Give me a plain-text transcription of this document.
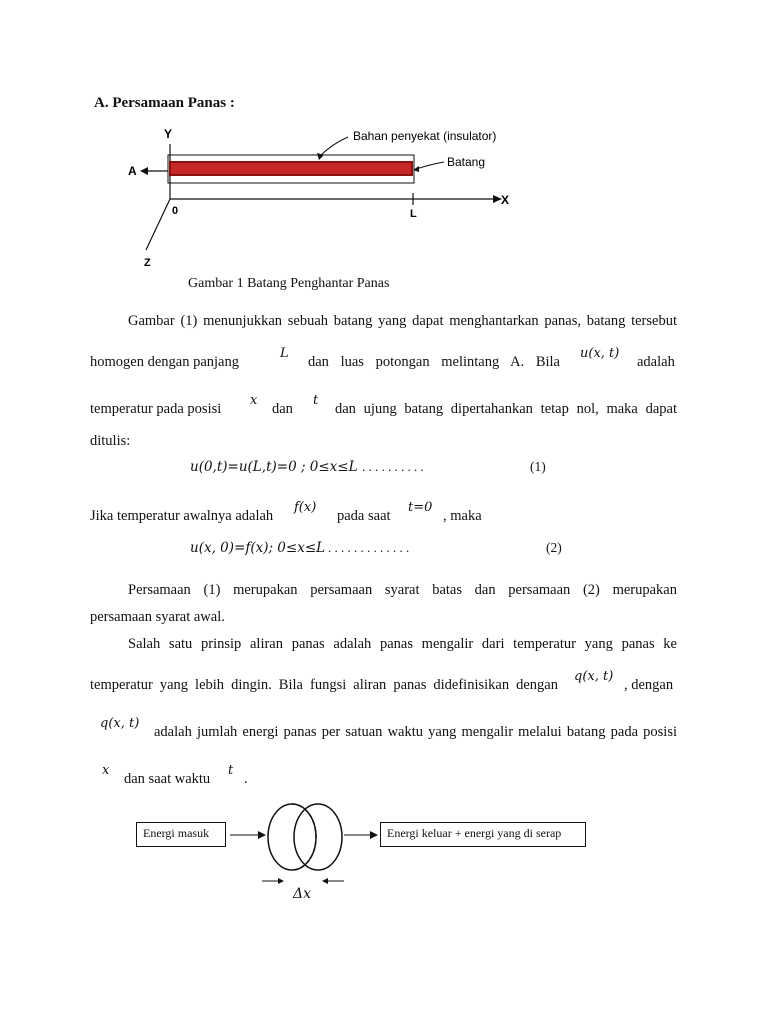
A. Persamaan Panas :
Y
X
Z
0	L
A
Bahan penyekat (insulator)
Batang
Gambar 1 Batang Penghantar Panas
Gambar (1) menunjukkan sebuah batang yang dapat menghantarkan panas, batang tersebut
homogen dengan panjang
L
dan luas potongan melintang A. Bila
u(x, t)
adalah
temperatur pada posisi
x
dan
t
dan ujung batang dipertahankan tetap nol, maka dapat
ditulis:
u(0,t)=u(L,t)=0 ; 0≤x≤L . . . . . . . . . .	(1)
Jika temperatur awalnya adalah
f(x)
pada saat
t=0
, maka
u(x, 0)=f(x); 0≤x≤L . . . . . . . . . . . . .	(2)
Persamaan (1) merupakan persamaan syarat batas dan persamaan (2) merupakan
persamaan syarat awal.
Salah satu prinsip aliran panas adalah panas mengalir dari temperatur yang panas ke
temperatur yang lebih dingin. Bila fungsi aliran panas didefinisikan dengan
q(x, t)
, dengan
q(x, t)
adalah jumlah energi panas per satuan waktu yang mengalir melalui batang pada posisi
x
dan saat waktu
t
.
Energi masuk	Energi keluar + energi yang di serap
Δx
